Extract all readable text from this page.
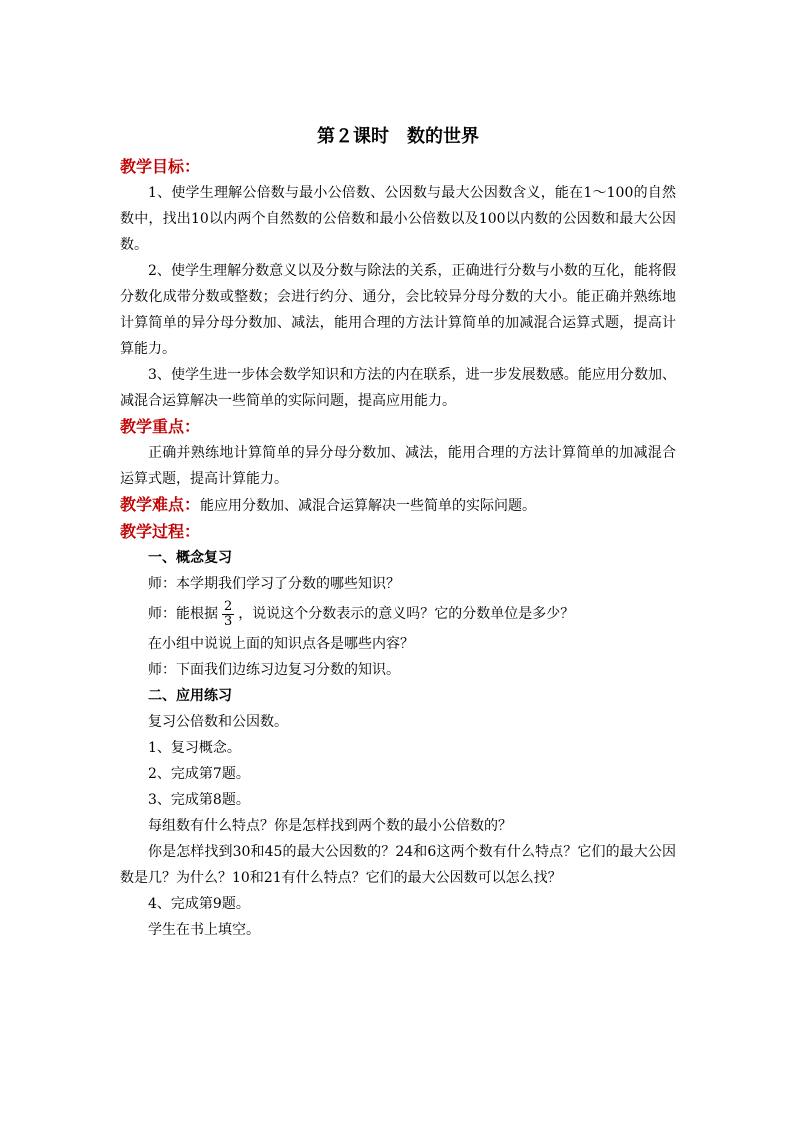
第２课时　数的世界

教学目标：

1、使学生理解公倍数与最小公倍数、公因数与最大公因数含义，能在1～100的自然数中，找出10以内两个自然数的公倍数和最小公倍数以及100以内数的公因数和最大公因数。

2、使学生理解分数意义以及分数与除法的关系，正确进行分数与小数的互化，能将假分数化成带分数或整数；会进行约分、通分，会比较异分母分数的大小。能正确并熟练地计算简单的异分母分数加、减法，能用合理的方法计算简单的加减混合运算式题，提高计算能力。

3、使学生进一步体会数学知识和方法的内在联系，进一步发展数感。能应用分数加、减混合运算解决一些简单的实际问题，提高应用能力。

教学重点：

正确并熟练地计算简单的异分母分数加、减法，能用合理的方法计算简单的加减混合运算式题，提高计算能力。

教学难点：能应用分数加、减混合运算解决一些简单的实际问题。

教学过程：

一、概念复习

师：本学期我们学习了分数的哪些知识？

师：能根据 $\frac{2}{3}$ ，说说这个分数表示的意义吗？它的分数单位是多少？

在小组中说说上面的知识点各是哪些内容？

师：下面我们边练习边复习分数的知识。

二、应用练习

复习公倍数和公因数。

1、复习概念。

2、完成第7题。

3、完成第8题。

每组数有什么特点？你是怎样找到两个数的最小公倍数的？

你是怎样找到30和45的最大公因数的？24和6这两个数有什么特点？它们的最大公因数是几？为什么？10和21有什么特点？它们的最大公因数可以怎么找？

4、完成第9题。

学生在书上填空。
